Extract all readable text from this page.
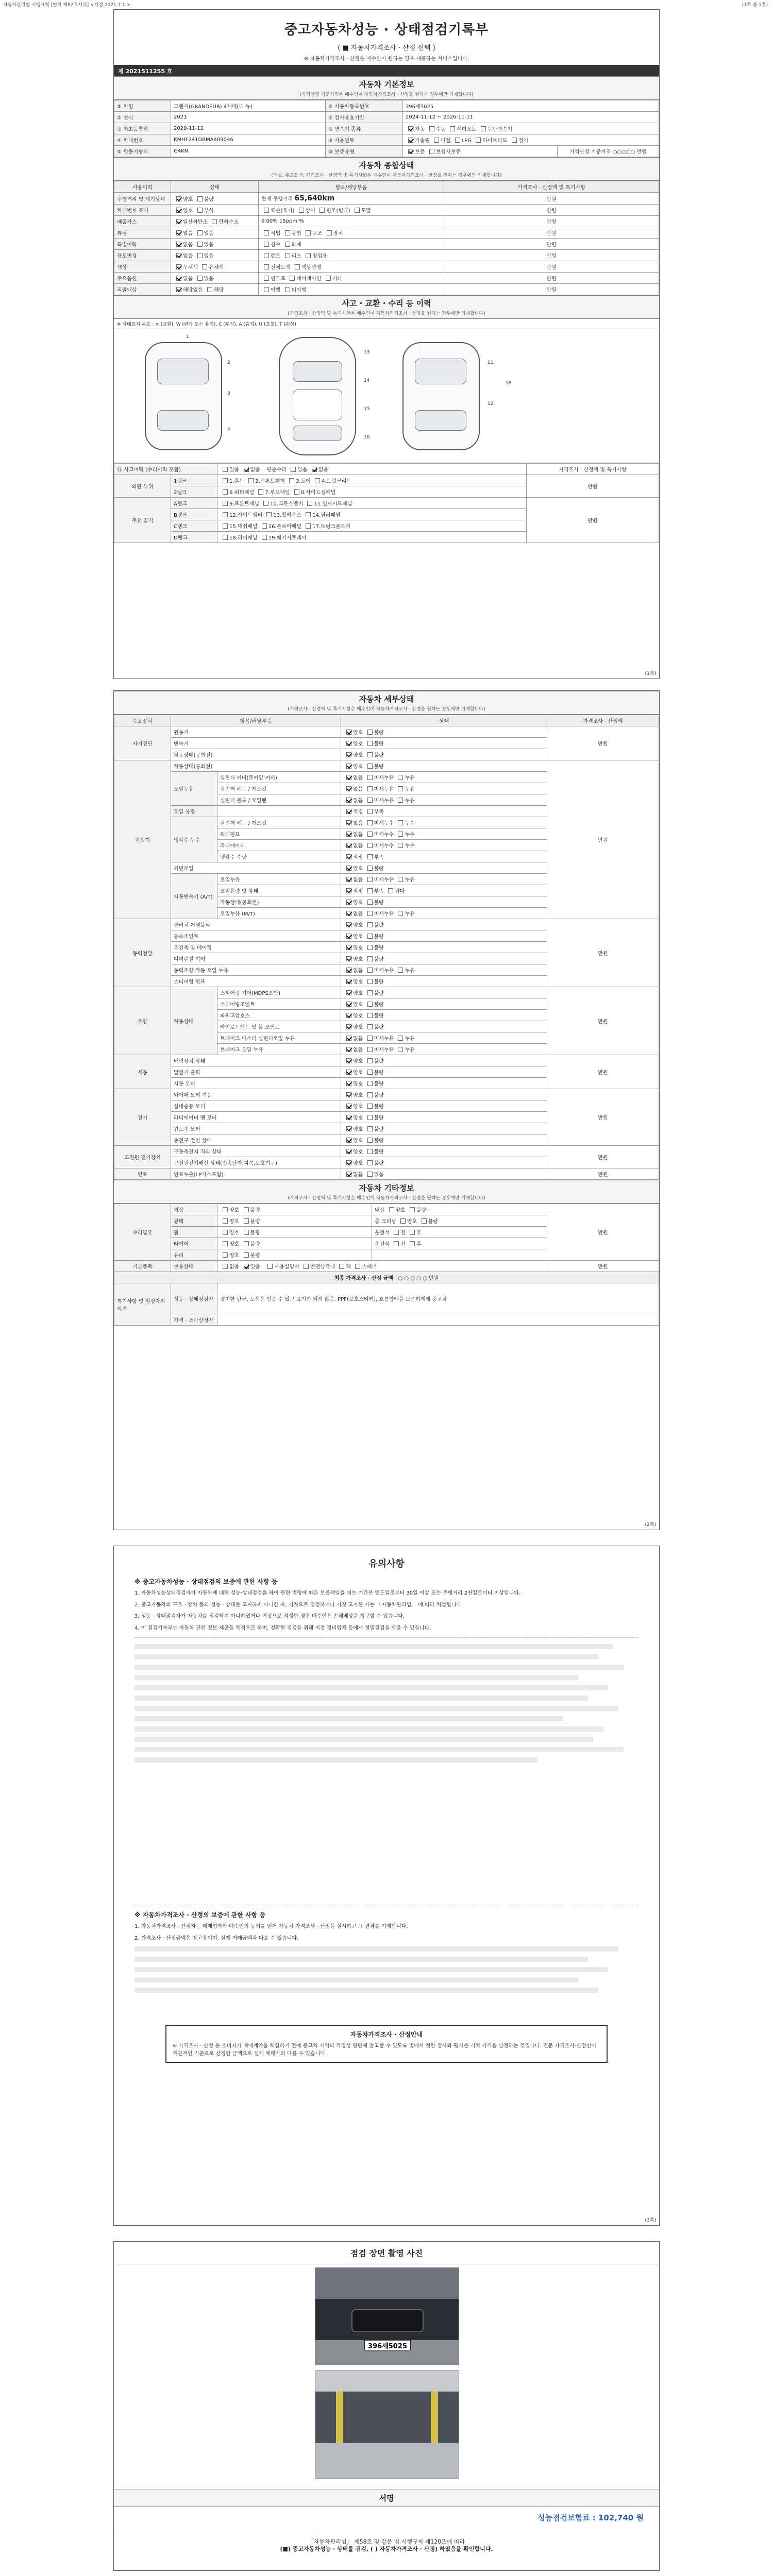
자동차관리법 시행규칙 [별지 제82호서식] <개정 2021.7.1.>	(1쪽 중 1쪽)
중고자동차성능 · 상태점검기록부
( ■ 자동차가격조사 · 산정 선택 )
※ 자동차가격조사 · 산정은 매수인이 원하는 경우 제공하는 서비스입니다.
제 2021511255 호
자동차 기본정보
(가격산정 기준가격은 매수인이 자동차가격조사 · 산정을 원하는 경우에만 기재합니다)
① 차명	그랜저(GRANDEUR) 4세대(더 뉴)	⑥ 자동차등록번호	396세5025	
② 연식	2021	⑦ 검사유효기간	2024-11-12 ~ 2026-11-11	
③ 최초등록일	2020-11-12	⑧ 변속기 종류	자동 수동 세미오토 무단변속기	
④ 차대번호	KMHF241DBMA409046	⑨ 사용연료	가솔린 디젤 LPG 하이브리드 전기	
⑤ 원동기형식	G4KN	⑩ 보증유형	보증 보험사보증	가격산정 기준가격 ○○○○○ 만원
자동차 종합상태
(색상, 주요옵션, 가격조사 · 산정액 및 특기사항은 매수인이 자동차가격조사 · 산정을 원하는 경우에만 기재합니다)
사용이력	상태	항목/해당부품	가격조사 · 산정액 및 특기사항
주행거리 및 계기상태	양호 불량	현재 주행거리 65,640km	만원
차대번호 표기	양호 부식	훼손(오기) 상이 변조(변타) 도말	만원
배출가스	일산화탄소 탄화수소	0.00% 15ppm %	만원
튜닝	없음 있음	적법 불법 구조 장치	만원
특별이력	없음 있음	침수 화재	만원
용도변경	없음 있음	렌트 리스 영업용	만원
색상	무채색 유채색	전체도색 색상변경	만원
주요옵션	없음 있음	썬루프 네비게이션 기타	만원
리콜대상	해당없음 해당	이행 미이행	만원
사고 · 교환 · 수리 등 이력
(가격조사 · 산정액 및 특기사항은 매수인이 자동차가격조사 · 산정을 원하는 경우에만 기재합니다)
※ 상태표시 부호 : × (교환), W (판금 또는 용접), C (부식), A (흠집), U (요철), T (손상)
1
2
3
4
13
14
15
16
11
12
18
⑫ 사고이력 (수리이력 포함)		있음 없음    단순수리 있음 없음	가격조사 · 산정액 및 특기사항
외판 부위	1랭크	1.후드 2.프론트휀더 3.도어 4.트렁크리드	만원
	2랭크	6.쿼터패널 7.루프패널 8.사이드실패널	
주요 골격	A랭크	9.프론트패널 10.크로스멤버 11.인사이드패널	만원
	B랭크	12.사이드멤버 13.휠하우스 14.필러패널	
	C랭크	15.대쉬패널 16.플로어패널 17.트렁크플로어	
	D랭크	18.리어패널 19.패키지트레이	
(1쪽)
자동차 세부상태
(가격조사 · 산정액 및 특기사항은 매수인이 자동차가격조사 · 산정을 원하는 경우에만 기재합니다)
주요장치	항목/해당부품		상태	가격조사 · 산정액
자기진단	원동기		양호 불량	만원
	변속기		양호 불량	
	작동상태(공회전)		양호 불량	
원동기	작동상태(공회전)		양호 불량	만원
	오일누유	실린더 커버(로커암 커버)	없음 미세누유 누유	
		실린더 헤드 / 개스킷	없음 미세누유 누유	
		실린더 블록 / 오일팬	없음 미세누유 누유	
	오일 유량		적정 부족	
	냉각수 누수	실린더 헤드 / 개스킷	없음 미세누수 누수	
		워터펌프	없음 미세누수 누수	
		라디에이터	없음 미세누수 누수	
		냉각수 수량	적정 부족	
	커먼레일		양호 불량	
	자동변속기 (A/T)	오일누유	없음 미세누유 누유	
		오일유량 및 상태	적정 부족 과다	
		작동상태(공회전)	양호 불량	
		오일누유 (M/T)	없음 미세누유 누유	
동력전달	클러치 어셈블리		양호 불량	만원
	등속조인트		양호 불량	
	추진축 및 베어링		양호 불량	
	디퍼렌셜 기어		양호 불량	
	동력조향 작동 오일 누유		없음 미세누유 누유	
	스티어링 펌프		양호 불량	
조향	작동상태	스티어링 기어(MDPS포함)	양호 불량	만원
		스티어링조인트	양호 불량	
		파워고압호스	양호 불량	
		타이로드엔드 및 볼 조인트	양호 불량	
		브레이크 마스터 실린더오일 누유	없음 미세누유 누유	
		브레이크 오일 누유	없음 미세누유 누유	
제동	배력장치 상태		양호 불량	만원
	발전기 출력		양호 불량	
	시동 모터		양호 불량	
전기	와이퍼 모터 기능		양호 불량	만원
	실내송풍 모터		양호 불량	
	라디에이터 팬 모터		양호 불량	
	윈도우 모터		양호 불량	
	충전구 절연 상태		양호 불량	
고전원 전기장치	구동축전지 격리 상태		양호 불량	만원
	고전원전기배선 상태(접속단자,피복,보호기구)		양호 불량	
연료	연료누출(LP가스포함)		없음 있음	만원
자동차 기타정보
(가격조사 · 산정액 및 특기사항은 매수인이 자동차가격조사 · 산정을 원하는 경우에만 기재합니다)
수리필요	외장	양호 불량	내장 양호 불량	만원
	광택	양호 불량	룸 크리닝 양호 불량	
	휠	양호 불량	운전석 전 후	
	타이어	양호 불량	운전석 전 후	
	유리	양호 불량		
기본품목	보유상태	없음 있음   사용설명서 안전삼각대 잭 스패너		만원
최종 가격조사 · 산정 금액 ○ ○ ○ ○ ○ 만원				
특기사항 및 점검자의 의견	성능 · 상태점검자	경미한 판금, 도색은 인증 수 있고 표기가 되지 않음. PPF(보호스티커), 흐름함에을 보존하게에 중고차		
	가격 · 조사산정자			
(2쪽)
유의사항
※ 중고자동차성능 · 상태점검의 보증에 관한 사항 등

1. 자동차성능상태점검자가 자동차에 대해 성능·상태점검을 하여 관련 법령에 따른 보증책임을 지는 기간은 인도일로부터 30일 이상 또는 주행거리 2천킬로미터 이상입니다.

2. 중고자동차의 구조 · 장치 등의 성능 · 상태를 고지하지 아니한 자, 거짓으로 점검하거나 거짓 고지한 자는 「자동차관리법」 에 따라 처벌됩니다.

3. 성능 · 상태점검자가 자동차를 점검하지 아니하였거나 거짓으로 작성한 경우 매수인은 손해배상을 청구할 수 있습니다.

4. 이 점검기록부는 자동차 관련 정보 제공을 목적으로 하며, 정확한 점검을 위해 지정 정비업체 등에서 정밀점검을 받을 수 있습니다.

※ 자동차가격조사 · 산정의 보증에 관한 사항 등

1. 자동차가격조사 · 산정자는 매매업자와 매수인의 동의를 얻어 자동차 가격조사 · 산정을 실시하고 그 결과를 기재합니다.

2. 가격조사 · 산정금액은 참고용이며, 실제 거래금액과 다를 수 있습니다.

자동차가격조사 · 산정안내
※ 가격조사 · 산정 은 소비자가 매매계약을 체결하기 전에 중고차 가격의 적정성 판단에 참고할 수 있도록 법에서 정한 검사와 평가를 거쳐 가격을 산정하는 것입니다. 전문 가격조사·산정인이 객관적인 기준으로 산정한 금액으로 실제 매매가와 다를 수 있습니다.
(3쪽)
점검 장면 촬영 사진
396세5025
서명
성능점검보험료 : 102,740 원
「자동차관리법」 제58조 및 같은 법 시행규칙 제120조에 따라
(■) 중고자동차성능 · 상태를 점검, ( ) 자동차가격조사 · 산정) 하였음을 확인합니다.
